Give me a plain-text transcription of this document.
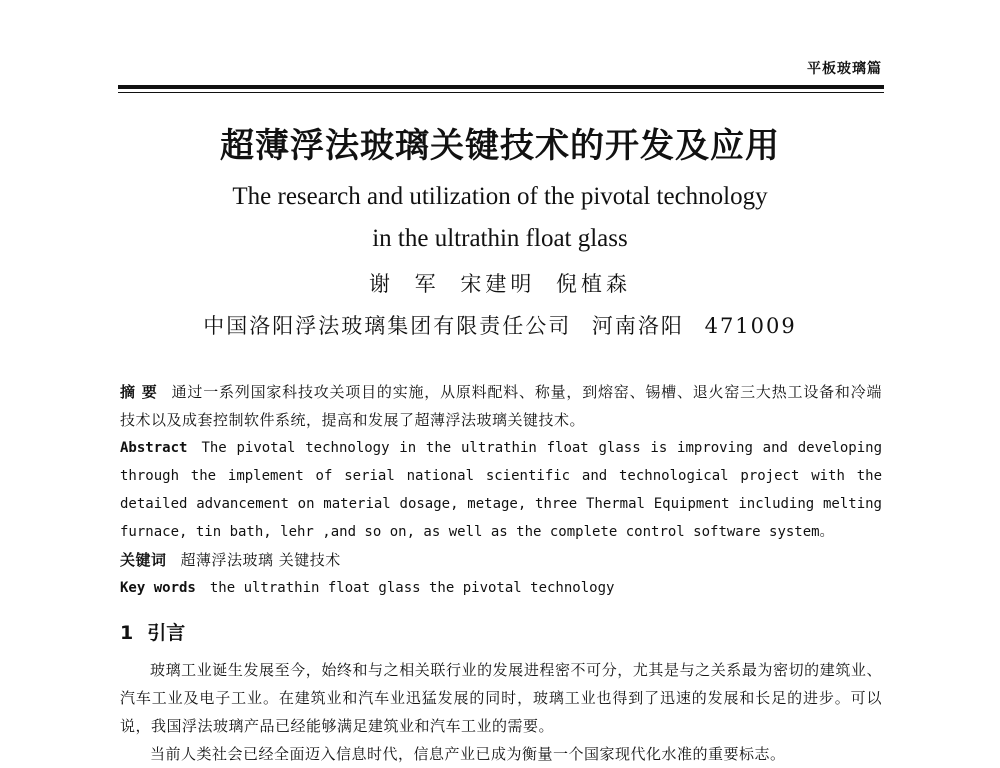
平板玻璃篇
超薄浮法玻璃关键技术的开发及应用
The research and utilization of the pivotal technology
in the ultrathin float glass
谢 军 宋建明 倪植森
中国洛阳浮法玻璃集团有限责任公司 河南洛阳 471009
摘 要 通过一系列国家科技攻关项目的实施，从原料配料、称量，到熔窑、锡槽、退火窑三大热工设备和冷端技术以及成套控制软件系统，提高和发展了超薄浮法玻璃关键技术。
Abstract The pivotal technology in the ultrathin float glass is improving and developing through the implement of serial national scientific and technological project with the detailed advancement on material dosage, metage, three Thermal Equipment including melting furnace, tin bath, lehr ,and so on, as well as the complete control software system。
关键词 超薄浮法玻璃 关键技术
Key words the ultrathin float glass the pivotal technology
1 引言
玻璃工业诞生发展至今，始终和与之相关联行业的发展进程密不可分，尤其是与之关系最为密切的建筑业、汽车工业及电子工业。在建筑业和汽车业迅猛发展的同时，玻璃工业也得到了迅速的发展和长足的进步。可以说，我国浮法玻璃产品已经能够满足建筑业和汽车工业的需要。
当前人类社会已经全面迈入信息时代，信息产业已成为衡量一个国家现代化水准的重要标志。
